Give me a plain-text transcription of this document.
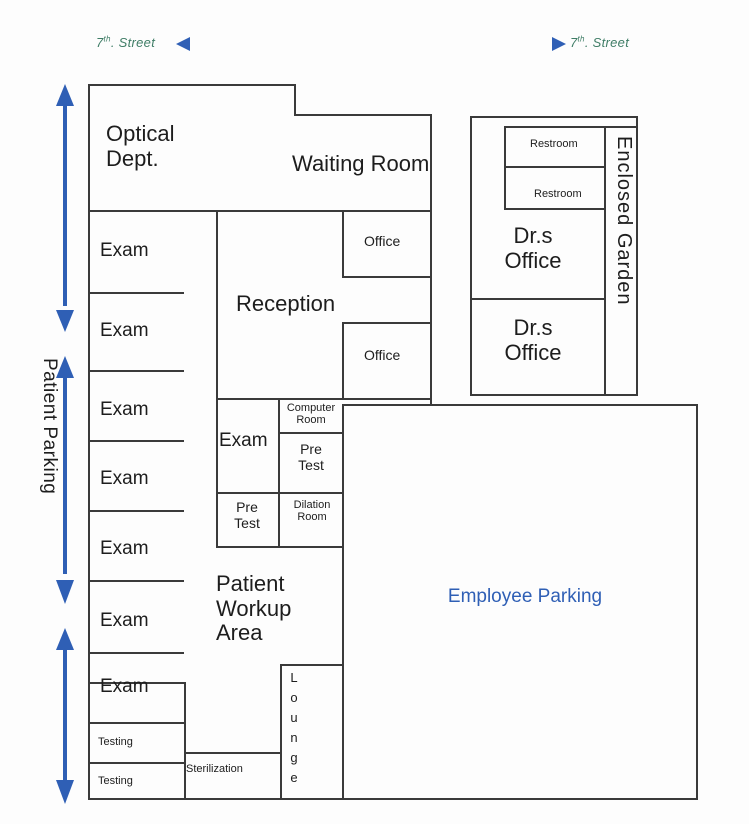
7th. Street	7th. Street
Patient Parking
Optical
Dept.	Waiting Room
Reception
Office
Office
Exam
Exam
Exam
Exam
Exam
Exam
Exam
Testing
Testing
Exam
Computer
Room
Pre
Test
Pre
Test
Dilation
Room
Patient
Workup
Area
Lounge
Sterilization
Restroom
Restroom
Dr.s
Office
Dr.s
Office
Enclosed Garden
Employee Parking
